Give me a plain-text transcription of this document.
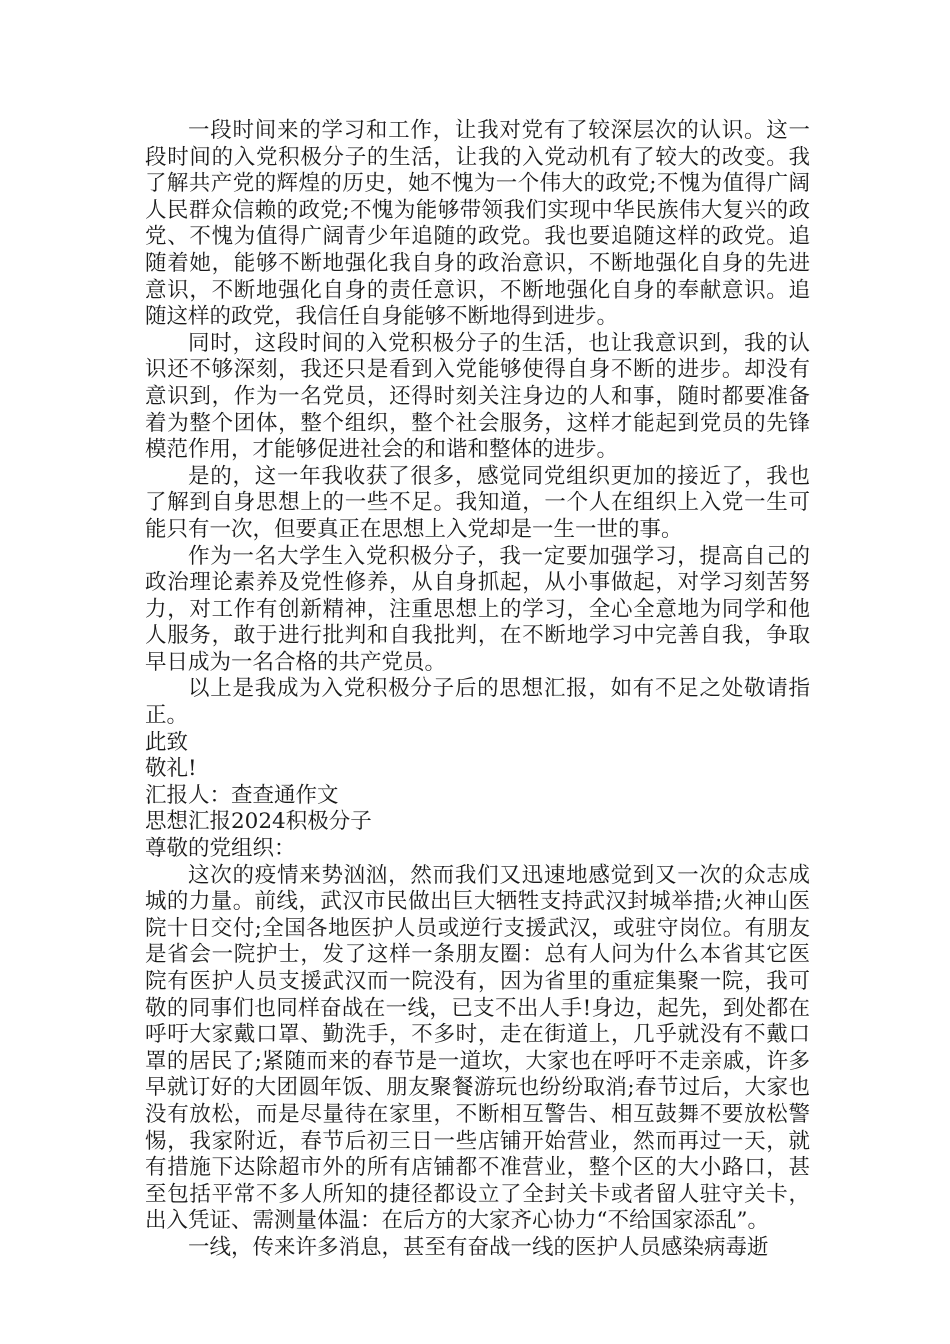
一段时间来的学习和工作，让我对党有了较深层次的认识。这一段时间的入党积极分子的生活，让我的入党动机有了较大的改变。我了解共产党的辉煌的历史，她不愧为一个伟大的政党;不愧为值得广阔人民群众信赖的政党;不愧为能够带领我们实现中华民族伟大复兴的政党、不愧为值得广阔青少年追随的政党。我也要追随这样的政党。追随着她，能够不断地强化我自身的政治意识，不断地强化自身的先进意识，不断地强化自身的责任意识，不断地强化自身的奉献意识。追随这样的政党，我信任自身能够不断地得到进步。

同时，这段时间的入党积极分子的生活，也让我意识到，我的认识还不够深刻，我还只是看到入党能够使得自身不断的进步。却没有意识到，作为一名党员，还得时刻关注身边的人和事，随时都要准备着为整个团体，整个组织，整个社会服务，这样才能起到党员的先锋模范作用，才能够促进社会的和谐和整体的进步。

是的，这一年我收获了很多，感觉同党组织更加的接近了，我也了解到自身思想上的一些不足。我知道，一个人在组织上入党一生可能只有一次，但要真正在思想上入党却是一生一世的事。

作为一名大学生入党积极分子，我一定要加强学习，提高自己的政治理论素养及党性修养，从自身抓起，从小事做起，对学习刻苦努力，对工作有创新精神，注重思想上的学习，全心全意地为同学和他人服务，敢于进行批判和自我批判，在不断地学习中完善自我，争取早日成为一名合格的共产党员。

以上是我成为入党积极分子后的思想汇报，如有不足之处敬请指正。

此致

敬礼!

汇报人：查查通作文

思想汇报2024积极分子

尊敬的党组织：

这次的疫情来势汹汹，然而我们又迅速地感觉到又一次的众志成城的力量。前线，武汉市民做出巨大牺牲支持武汉封城举措;火神山医院十日交付;全国各地医护人员或逆行支援武汉，或驻守岗位。有朋友是省会一院护士，发了这样一条朋友圈：总有人问为什么本省其它医院有医护人员支援武汉而一院没有，因为省里的重症集聚一院，我可敬的同事们也同样奋战在一线，已支不出人手!身边，起先，到处都在呼吁大家戴口罩、勤洗手，不多时，走在街道上，几乎就没有不戴口罩的居民了;紧随而来的春节是一道坎，大家也在呼吁不走亲戚，许多早就订好的大团圆年饭、朋友聚餐游玩也纷纷取消;春节过后，大家也没有放松，而是尽量待在家里，不断相互警告、相互鼓舞不要放松警惕，我家附近，春节后初三日一些店铺开始营业，然而再过一天，就有措施下达除超市外的所有店铺都不准营业，整个区的大小路口，甚至包括平常不多人所知的捷径都设立了全封关卡或者留人驻守关卡，出入凭证、需测量体温：在后方的大家齐心协力“不给国家添乱”。

一线，传来许多消息，甚至有奋战一线的医护人员感染病毒逝
